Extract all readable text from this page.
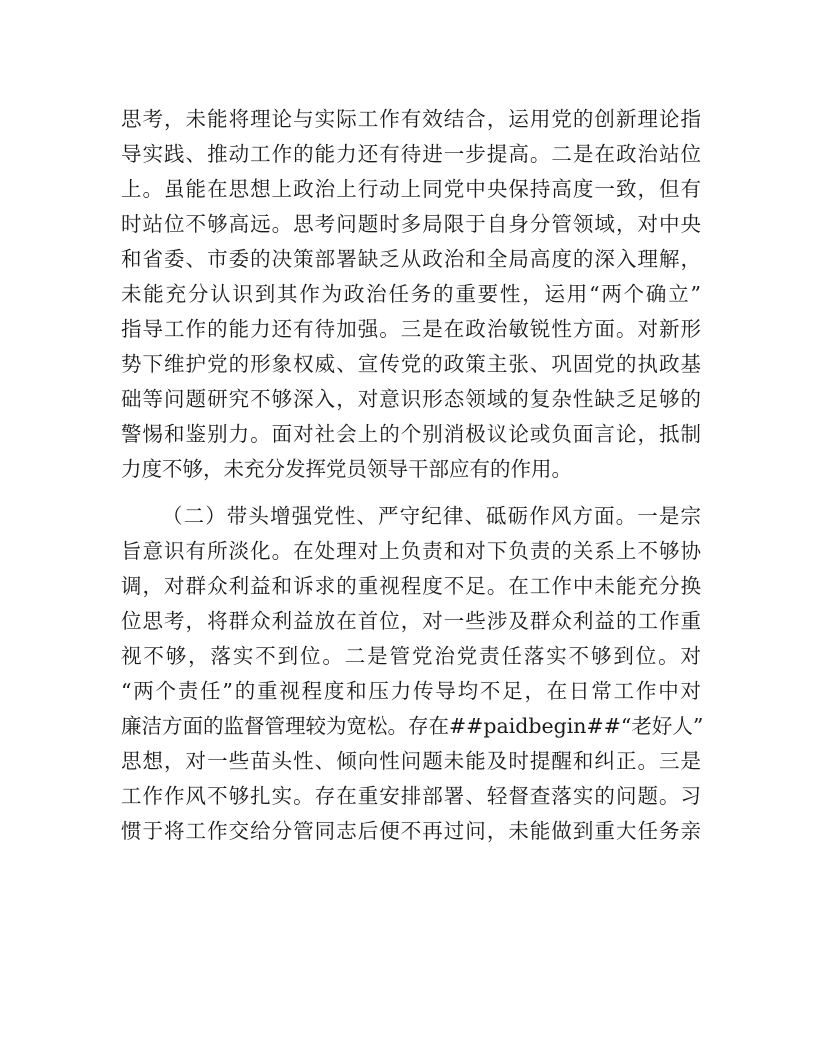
思考，未能将理论与实际工作有效结合，运用党的创新理论指
导实践、推动工作的能力还有待进一步提高。二是在政治站位
上。虽能在思想上政治上行动上同党中央保持高度一致，但有
时站位不够高远。思考问题时多局限于自身分管领域，对中央
和省委、市委的决策部署缺乏从政治和全局高度的深入理解，
未能充分认识到其作为政治任务的重要性，运用“两个确立”
指导工作的能力还有待加强。三是在政治敏锐性方面。对新形
势下维护党的形象权威、宣传党的政策主张、巩固党的执政基
础等问题研究不够深入，对意识形态领域的复杂性缺乏足够的
警惕和鉴别力。面对社会上的个别消极议论或负面言论，抵制
力度不够，未充分发挥党员领导干部应有的作用。
（二）带头增强党性、严守纪律、砥砺作风方面。一是宗
旨意识有所淡化。在处理对上负责和对下负责的关系上不够协
调，对群众利益和诉求的重视程度不足。在工作中未能充分换
位思考，将群众利益放在首位，对一些涉及群众利益的工作重
视不够，落实不到位。二是管党治党责任落实不够到位。对
“两个责任”的重视程度和压力传导均不足，在日常工作中对
廉洁方面的监督管理较为宽松。存在##paidbegin##“老好人”
思想，对一些苗头性、倾向性问题未能及时提醒和纠正。三是
工作作风不够扎实。存在重安排部署、轻督查落实的问题。习
惯于将工作交给分管同志后便不再过问，未能做到重大任务亲
